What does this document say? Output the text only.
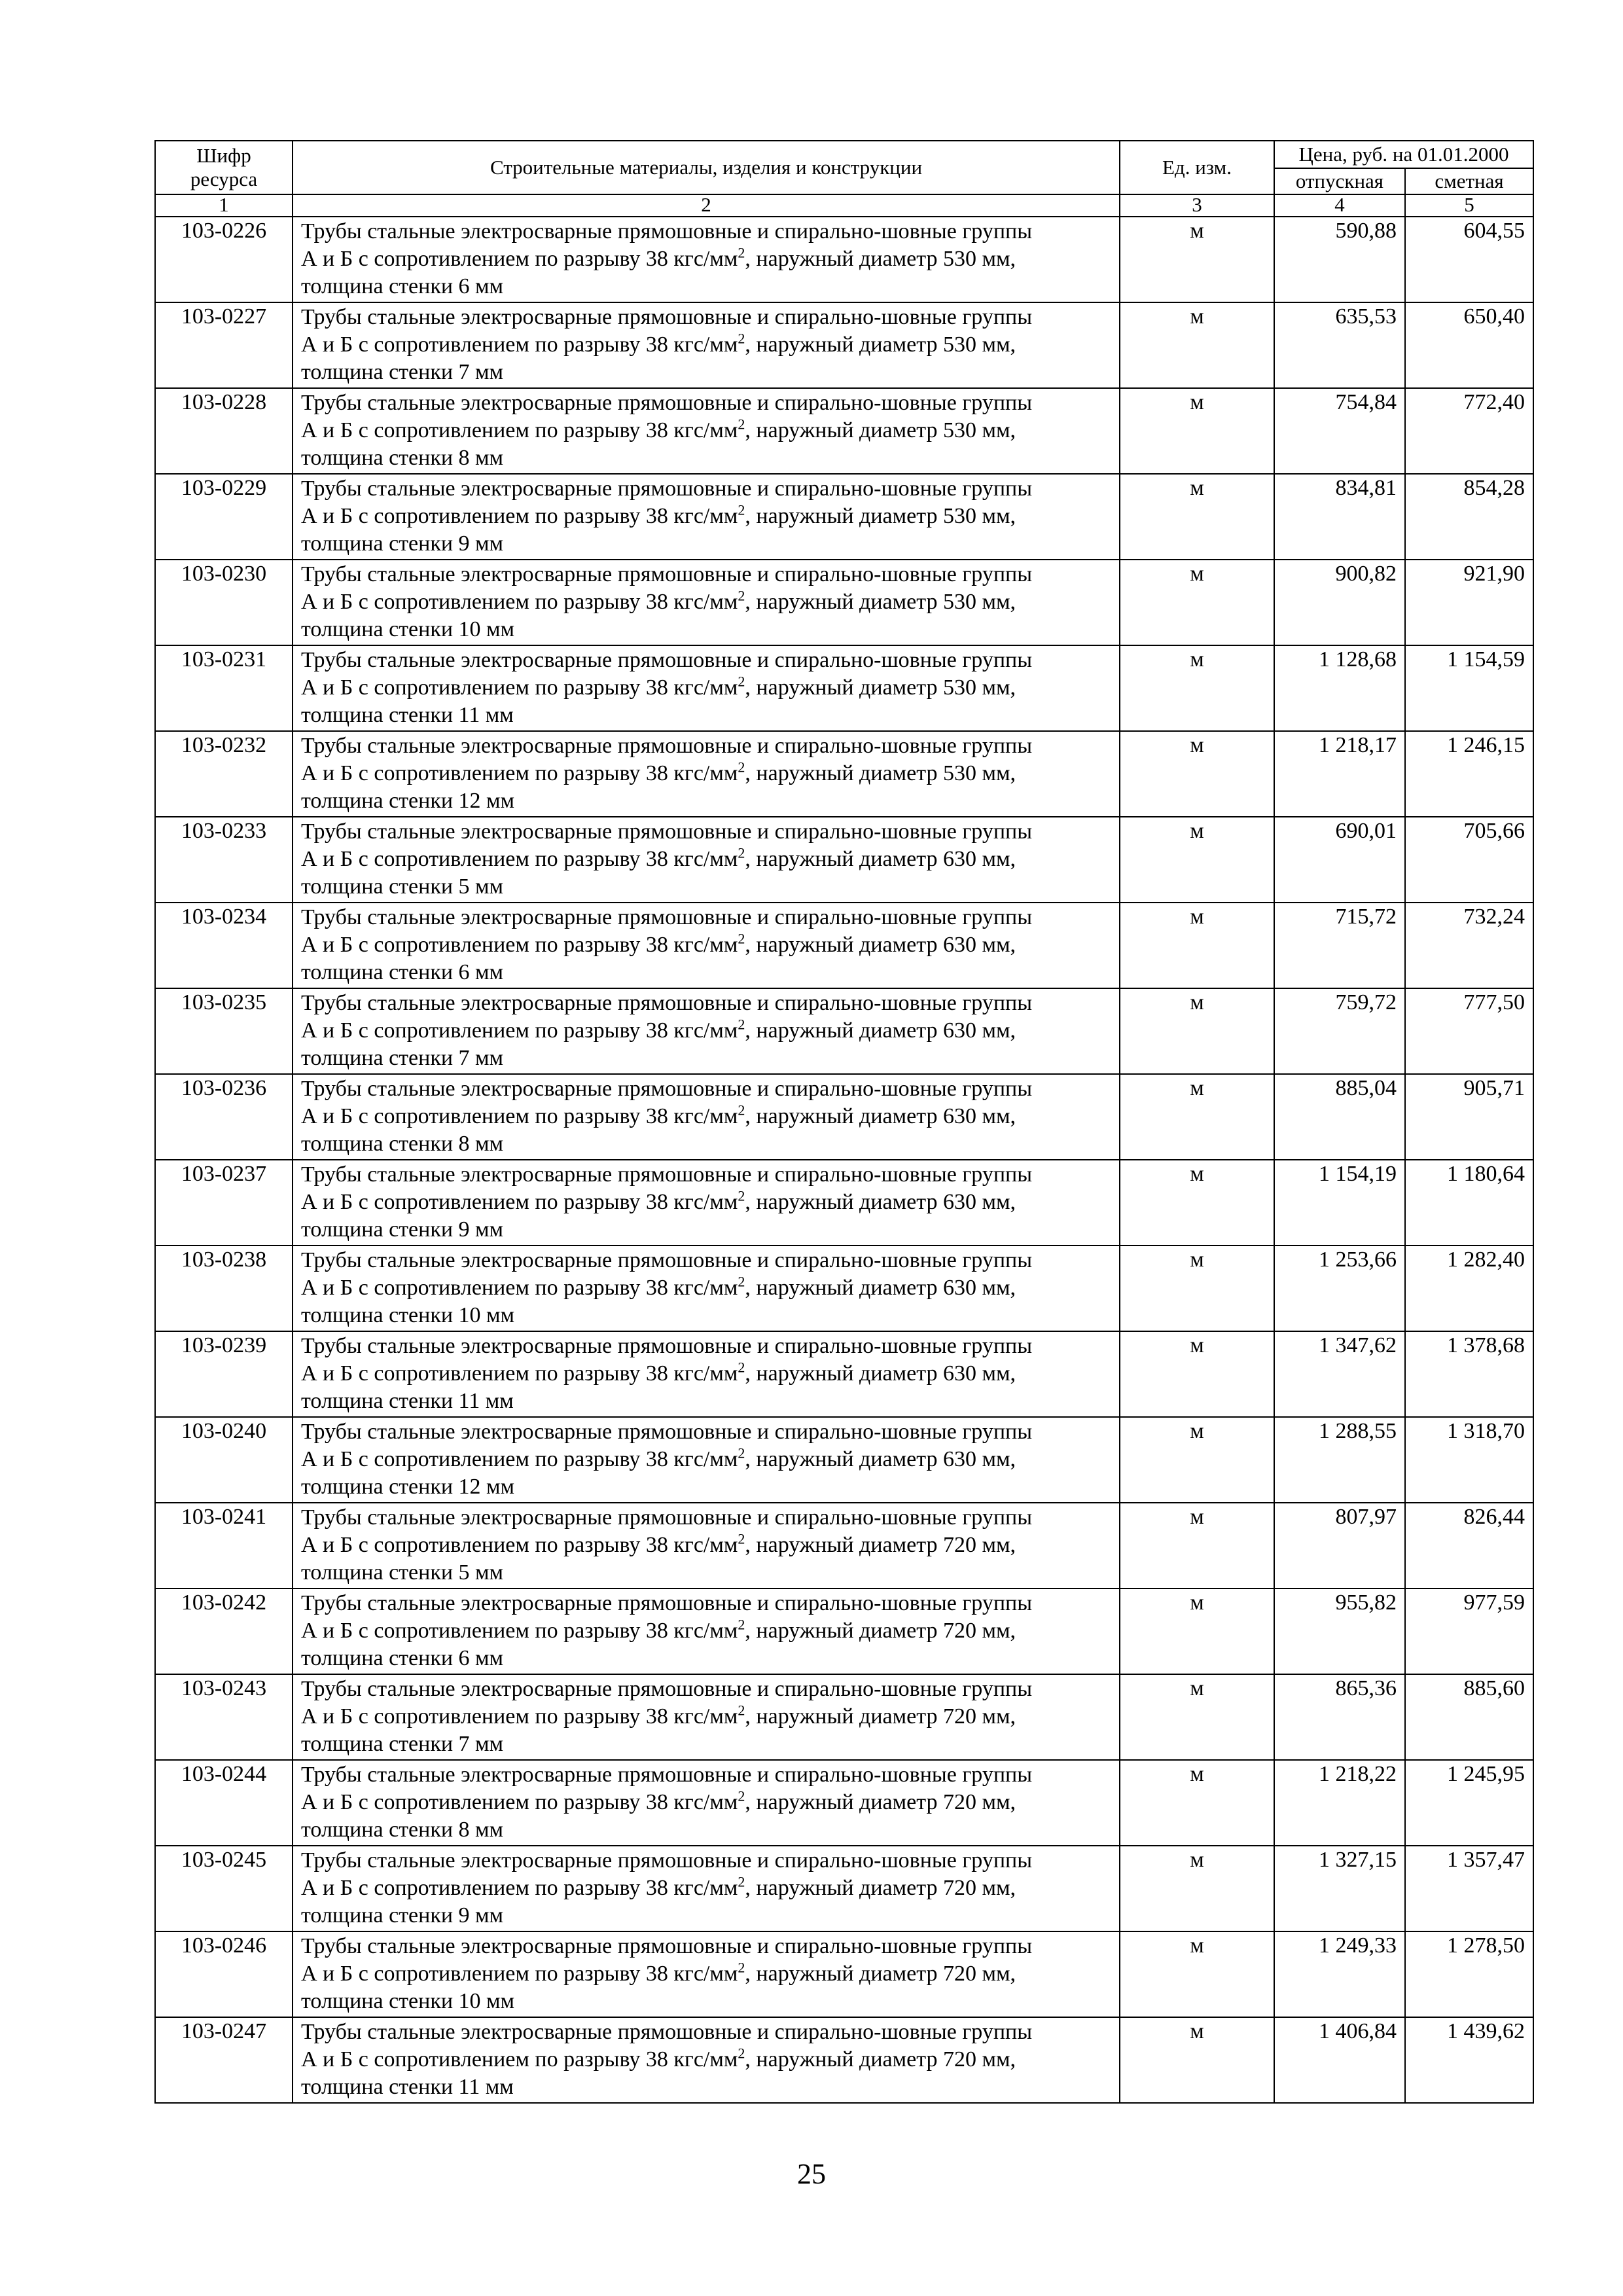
Шифр
ресурса	Строительные материалы, изделия и конструкции	Ед. изм.	Цена, руб. на 01.01.2000	
			отпускная	сметная
1	2	3	4	5
103-0226	Трубы стальные электросварные прямошовные и спирально-шовные группы
А и Б с сопротивлением по разрыву 38 кгс/$мм^2$, наружный диаметр 530 мм,
толщина стенки 6 мм	м	590,88	604,55
103-0227	Трубы стальные электросварные прямошовные и спирально-шовные группы
А и Б с сопротивлением по разрыву 38 кгс/$мм^2$, наружный диаметр 530 мм,
толщина стенки 7 мм	м	635,53	650,40
103-0228	Трубы стальные электросварные прямошовные и спирально-шовные группы
А и Б с сопротивлением по разрыву 38 кгс/$мм^2$, наружный диаметр 530 мм,
толщина стенки 8 мм	м	754,84	772,40
103-0229	Трубы стальные электросварные прямошовные и спирально-шовные группы
А и Б с сопротивлением по разрыву 38 кгс/$мм^2$, наружный диаметр 530 мм,
толщина стенки 9 мм	м	834,81	854,28
103-0230	Трубы стальные электросварные прямошовные и спирально-шовные группы
А и Б с сопротивлением по разрыву 38 кгс/$мм^2$, наружный диаметр 530 мм,
толщина стенки 10 мм	м	900,82	921,90
103-0231	Трубы стальные электросварные прямошовные и спирально-шовные группы
А и Б с сопротивлением по разрыву 38 кгс/$мм^2$, наружный диаметр 530 мм,
толщина стенки 11 мм	м	1 128,68	1 154,59
103-0232	Трубы стальные электросварные прямошовные и спирально-шовные группы
А и Б с сопротивлением по разрыву 38 кгс/$мм^2$, наружный диаметр 530 мм,
толщина стенки 12 мм	м	1 218,17	1 246,15
103-0233	Трубы стальные электросварные прямошовные и спирально-шовные группы
А и Б с сопротивлением по разрыву 38 кгс/$мм^2$, наружный диаметр 630 мм,
толщина стенки 5 мм	м	690,01	705,66
103-0234	Трубы стальные электросварные прямошовные и спирально-шовные группы
А и Б с сопротивлением по разрыву 38 кгс/$мм^2$, наружный диаметр 630 мм,
толщина стенки 6 мм	м	715,72	732,24
103-0235	Трубы стальные электросварные прямошовные и спирально-шовные группы
А и Б с сопротивлением по разрыву 38 кгс/$мм^2$, наружный диаметр 630 мм,
толщина стенки 7 мм	м	759,72	777,50
103-0236	Трубы стальные электросварные прямошовные и спирально-шовные группы
А и Б с сопротивлением по разрыву 38 кгс/$мм^2$, наружный диаметр 630 мм,
толщина стенки 8 мм	м	885,04	905,71
103-0237	Трубы стальные электросварные прямошовные и спирально-шовные группы
А и Б с сопротивлением по разрыву 38 кгс/$мм^2$, наружный диаметр 630 мм,
толщина стенки 9 мм	м	1 154,19	1 180,64
103-0238	Трубы стальные электросварные прямошовные и спирально-шовные группы
А и Б с сопротивлением по разрыву 38 кгс/$мм^2$, наружный диаметр 630 мм,
толщина стенки 10 мм	м	1 253,66	1 282,40
103-0239	Трубы стальные электросварные прямошовные и спирально-шовные группы
А и Б с сопротивлением по разрыву 38 кгс/$мм^2$, наружный диаметр 630 мм,
толщина стенки 11 мм	м	1 347,62	1 378,68
103-0240	Трубы стальные электросварные прямошовные и спирально-шовные группы
А и Б с сопротивлением по разрыву 38 кгс/$мм^2$, наружный диаметр 630 мм,
толщина стенки 12 мм	м	1 288,55	1 318,70
103-0241	Трубы стальные электросварные прямошовные и спирально-шовные группы
А и Б с сопротивлением по разрыву 38 кгс/$мм^2$, наружный диаметр 720 мм,
толщина стенки 5 мм	м	807,97	826,44
103-0242	Трубы стальные электросварные прямошовные и спирально-шовные группы
А и Б с сопротивлением по разрыву 38 кгс/$мм^2$, наружный диаметр 720 мм,
толщина стенки 6 мм	м	955,82	977,59
103-0243	Трубы стальные электросварные прямошовные и спирально-шовные группы
А и Б с сопротивлением по разрыву 38 кгс/$мм^2$, наружный диаметр 720 мм,
толщина стенки 7 мм	м	865,36	885,60
103-0244	Трубы стальные электросварные прямошовные и спирально-шовные группы
А и Б с сопротивлением по разрыву 38 кгс/$мм^2$, наружный диаметр 720 мм,
толщина стенки 8 мм	м	1 218,22	1 245,95
103-0245	Трубы стальные электросварные прямошовные и спирально-шовные группы
А и Б с сопротивлением по разрыву 38 кгс/$мм^2$, наружный диаметр 720 мм,
толщина стенки 9 мм	м	1 327,15	1 357,47
103-0246	Трубы стальные электросварные прямошовные и спирально-шовные группы
А и Б с сопротивлением по разрыву 38 кгс/$мм^2$, наружный диаметр 720 мм,
толщина стенки 10 мм	м	1 249,33	1 278,50
103-0247	Трубы стальные электросварные прямошовные и спирально-шовные группы
А и Б с сопротивлением по разрыву 38 кгс/$мм^2$, наружный диаметр 720 мм,
толщина стенки 11 мм	м	1 406,84	1 439,62
25
